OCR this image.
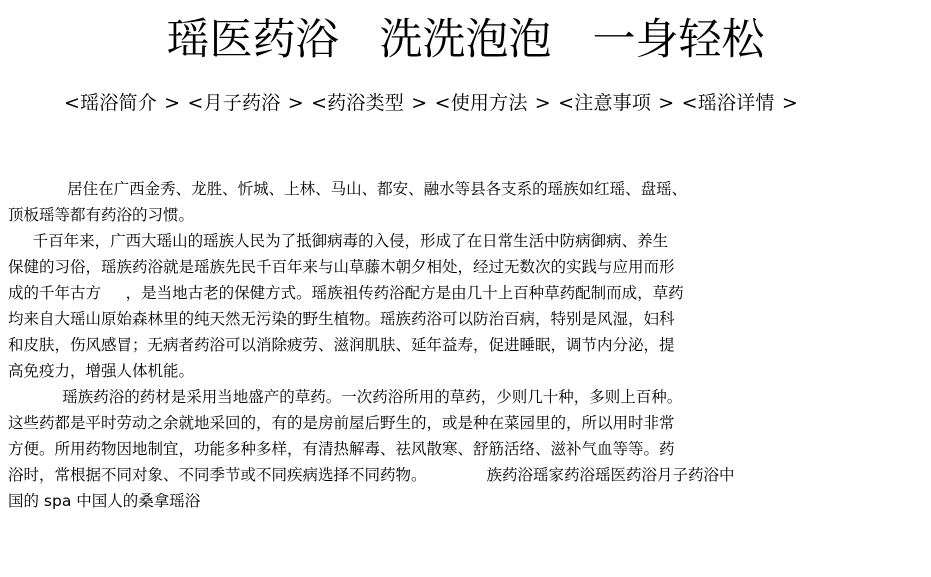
瑶医药浴   洗洗泡泡   一身轻松
<瑶浴简介 > <月子药浴 > <药浴类型 > <使用方法 > <注意事项 > <瑶浴详情 >

居住在广西金秀、龙胜、忻城、上林、马山、都安、融水等县各支系的瑶族如红瑶、盘瑶、

顶板瑶等都有药浴的习惯。

千百年来，广西大瑶山的瑶族人民为了抵御病毒的入侵，形成了在日常生活中防病御病、养生

保健的习俗，瑶族药浴就是瑶族先民千百年来与山草藤木朝夕相处，经过无数次的实践与应用而形

成的千年古方     ，是当地古老的保健方式。瑶族祖传药浴配方是由几十上百种草药配制而成，草药

均来自大瑶山原始森林里的纯天然无污染的野生植物。瑶族药浴可以防治百病，特别是风湿，妇科

和皮肤，伤风感冒；无病者药浴可以消除疲劳、滋润肌肤、延年益寿，促进睡眠，调节内分泌，提

高免疫力，增强人体机能。

瑶族药浴的药材是采用当地盛产的草药。一次药浴所用的草药，少则几十种，多则上百种。

这些药都是平时劳动之余就地采回的，有的是房前屋后野生的，或是种在菜园里的，所以用时非常

方便。所用药物因地制宜，功能多种多样，有清热解毒、祛风散寒、舒筋活络、滋补气血等等。药

浴时，常根据不同对象、不同季节或不同疾病选择不同药物。	族药浴瑶家药浴瑶医药浴月子药浴中

国的 spa 中国人的桑拿瑶浴
